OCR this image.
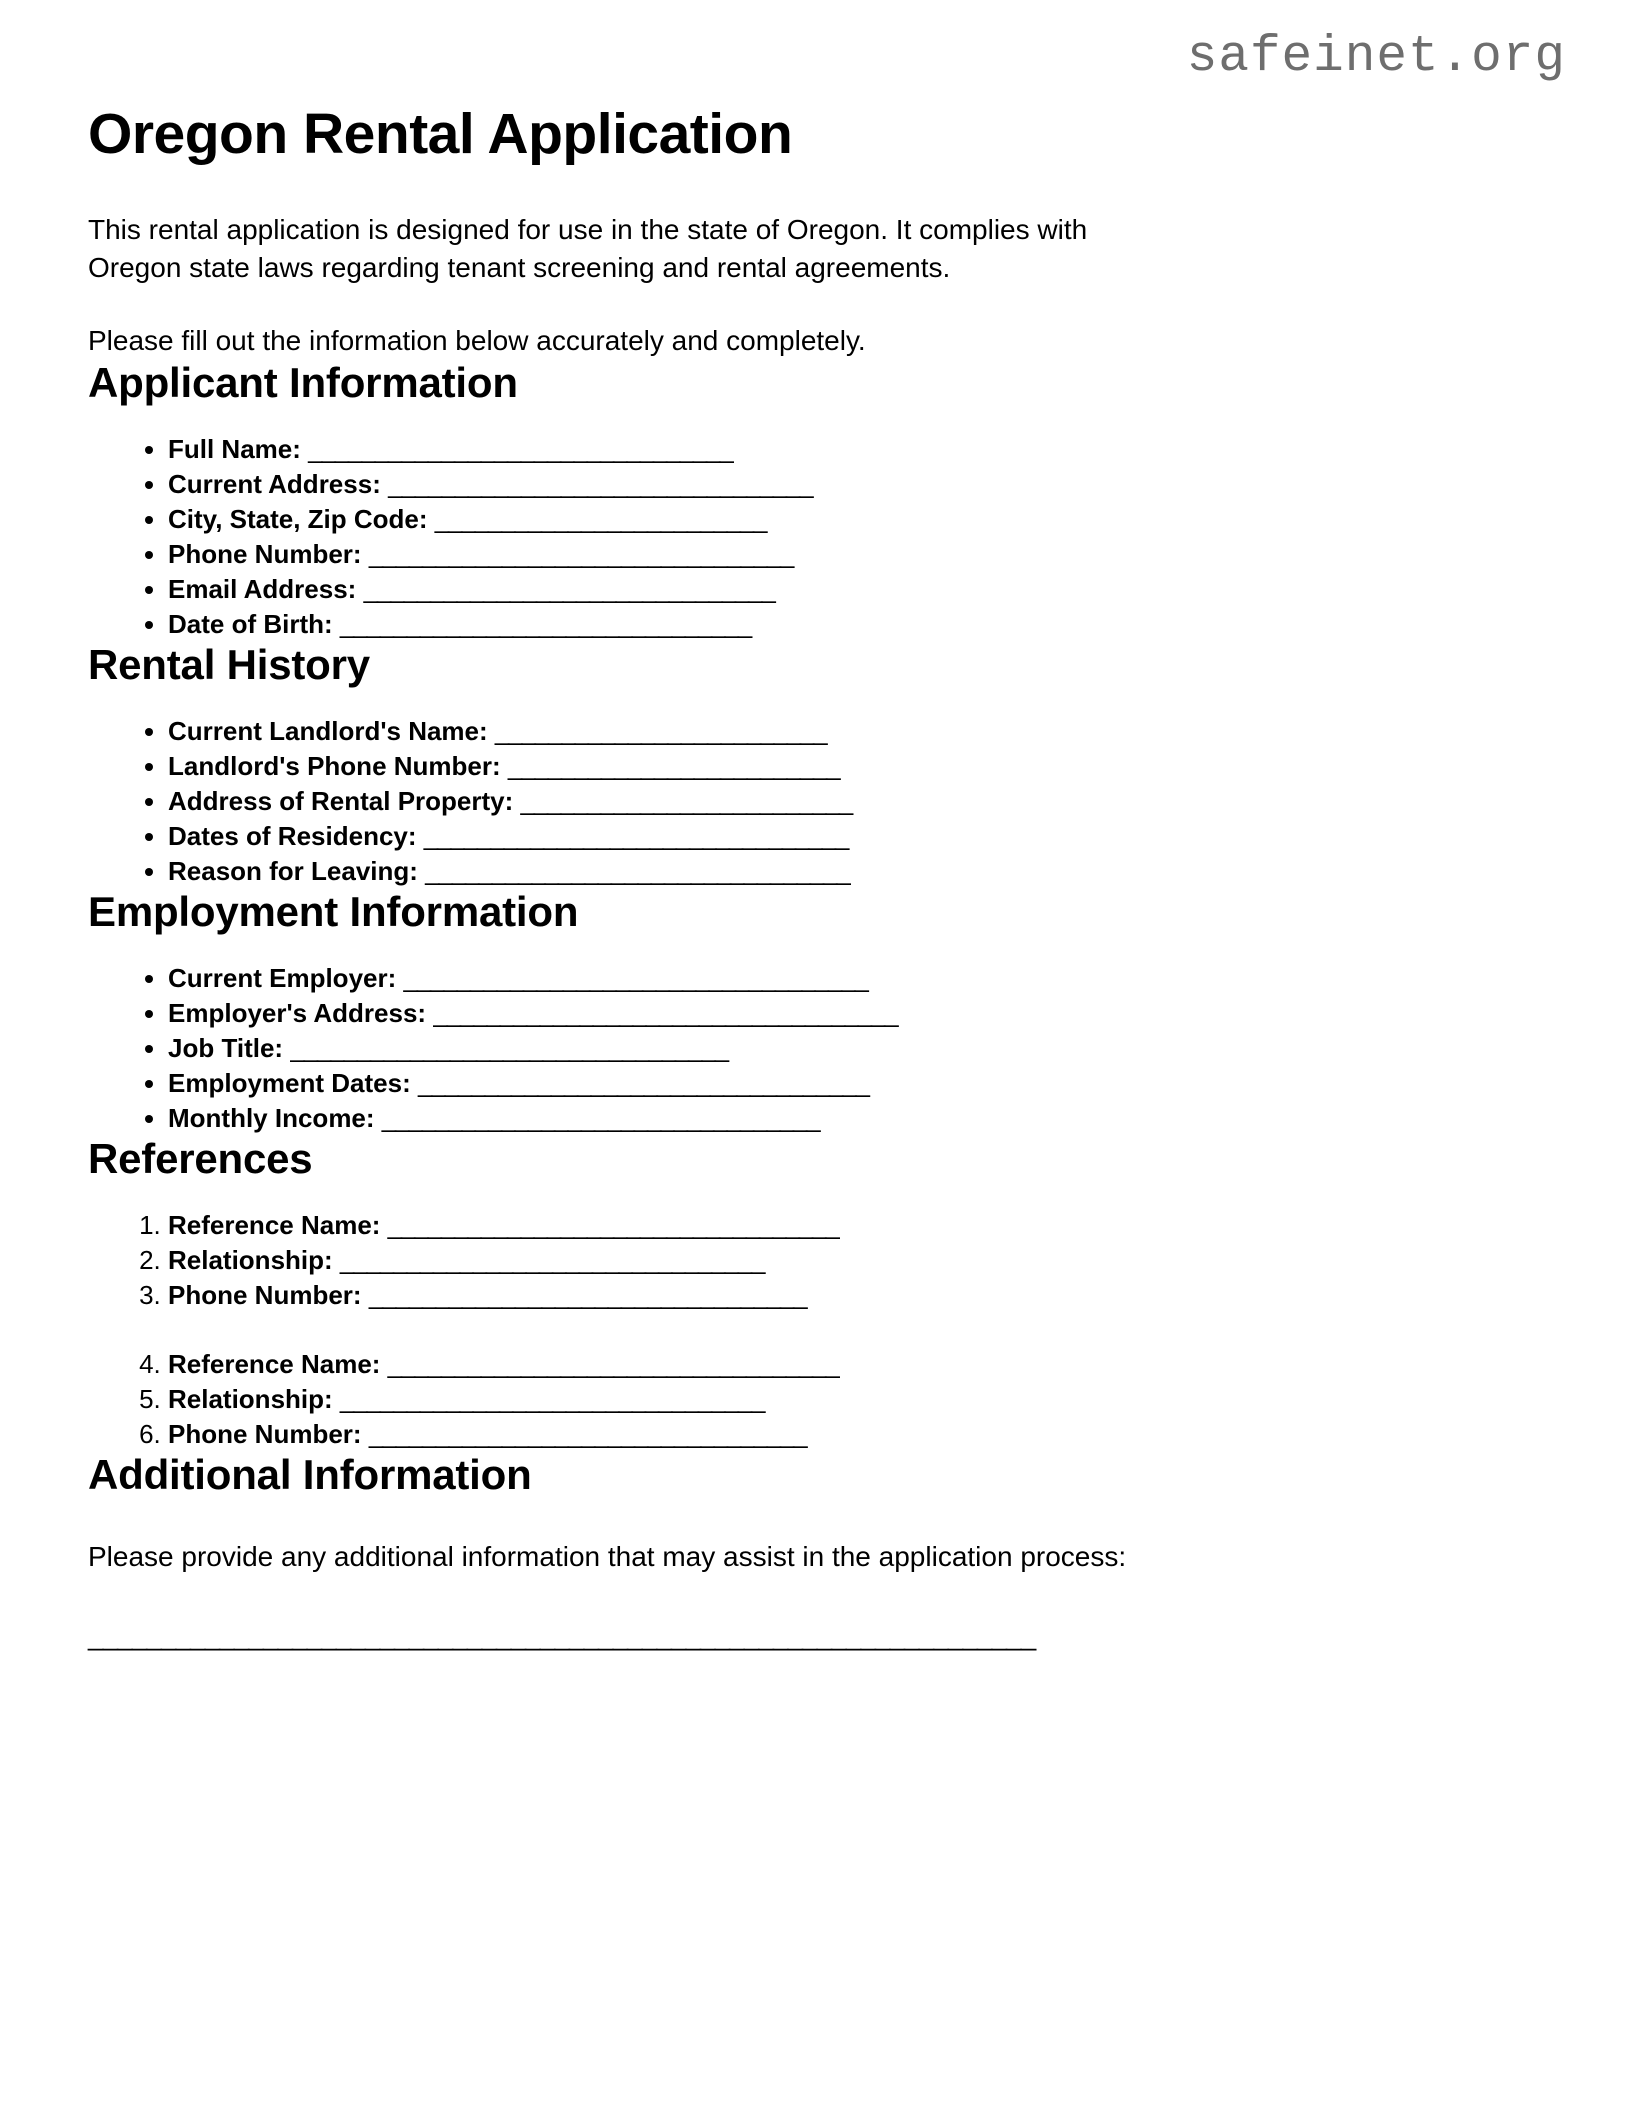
safeinet.org
Oregon Rental Application

This rental application is designed for use in the state of Oregon. It complies with Oregon state laws regarding tenant screening and rental agreements.

Please fill out the information below accurately and completely.

Applicant Information
• Full Name: ________________________________
• Current Address: ________________________________
• City, State, Zip Code: _________________________
• Phone Number: ________________________________
• Email Address: _______________________________
• Date of Birth: _______________________________
Rental History
• Current Landlord's Name: _________________________
• Landlord's Phone Number: _________________________
• Address of Rental Property: _________________________
• Dates of Residency: ________________________________
• Reason for Leaving: ________________________________
Employment Information
• Current Employer: ___________________________________
• Employer's Address: ___________________________________
• Job Title: _________________________________
• Employment Dates: __________________________________
• Monthly Income: _________________________________
References
1. Reference Name: __________________________________
2. Relationship: ________________________________
3. Phone Number: _________________________________
4. Reference Name: __________________________________
5. Relationship: ________________________________
6. Phone Number: _________________________________
Additional Information

Please provide any additional information that may assist in the application process:

_________________________________________________________________
